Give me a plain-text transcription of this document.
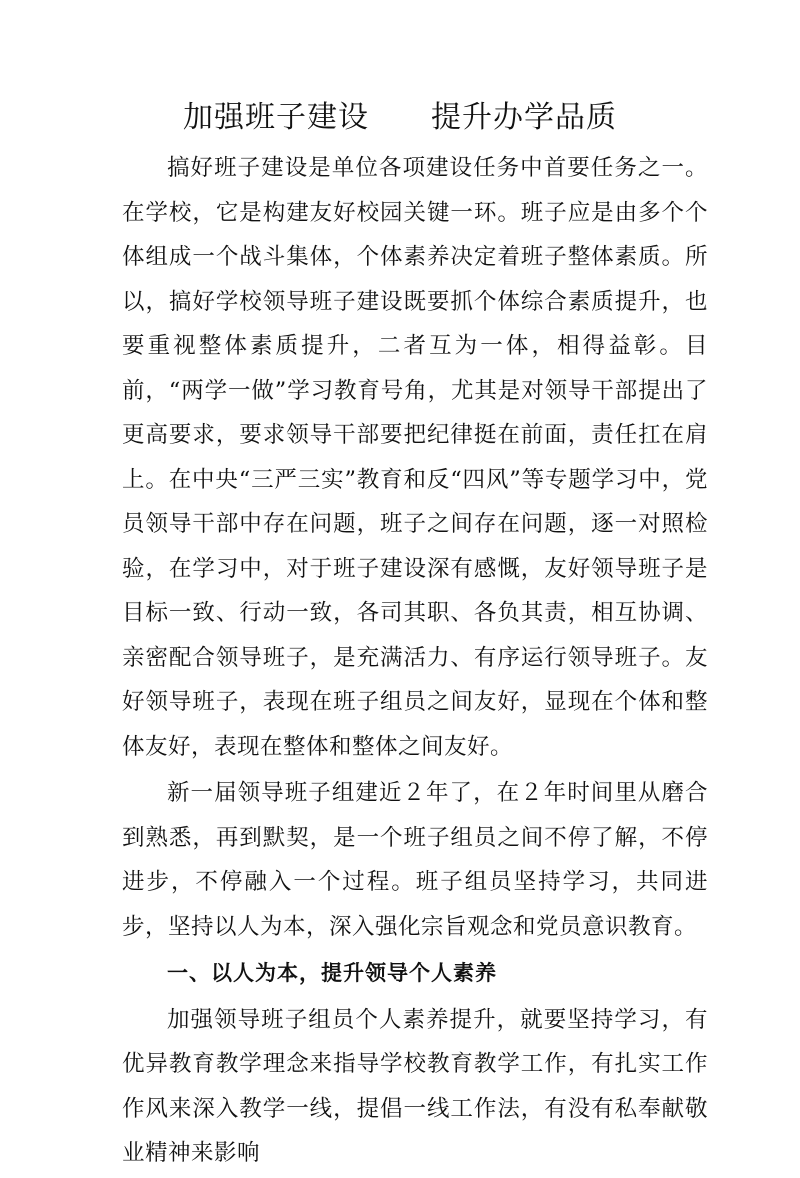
加强班子建设　　提升办学品质

搞好班子建设是单位各项建设任务中首要任务之一。在学校，它是构建友好校园关键一环。班子应是由多个个体组成一个战斗集体，个体素养决定着班子整体素质。所以，搞好学校领导班子建设既要抓个体综合素质提升，也要重视整体素质提升，二者互为一体，相得益彰。目前，“两学一做”学习教育号角，尤其是对领导干部提出了更高要求，要求领导干部要把纪律挺在前面，责任扛在肩上。在中央“三严三实”教育和反“四风”等专题学习中，党员领导干部中存在问题，班子之间存在问题，逐一对照检验，在学习中，对于班子建设深有感慨，友好领导班子是目标一致、行动一致，各司其职、各负其责，相互协调、亲密配合领导班子，是充满活力、有序运行领导班子。友好领导班子，表现在班子组员之间友好，显现在个体和整体友好，表现在整体和整体之间友好。

新一届领导班子组建近２年了，在２年时间里从磨合到熟悉，再到默契，是一个班子组员之间不停了解，不停进步，不停融入一个过程。班子组员坚持学习，共同进步，坚持以人为本，深入强化宗旨观念和党员意识教育。

一、以人为本，提升领导个人素养

加强领导班子组员个人素养提升，就要坚持学习，有优异教育教学理念来指导学校教育教学工作，有扎实工作作风来深入教学一线，提倡一线工作法，有没有私奉献敬业精神来影响
